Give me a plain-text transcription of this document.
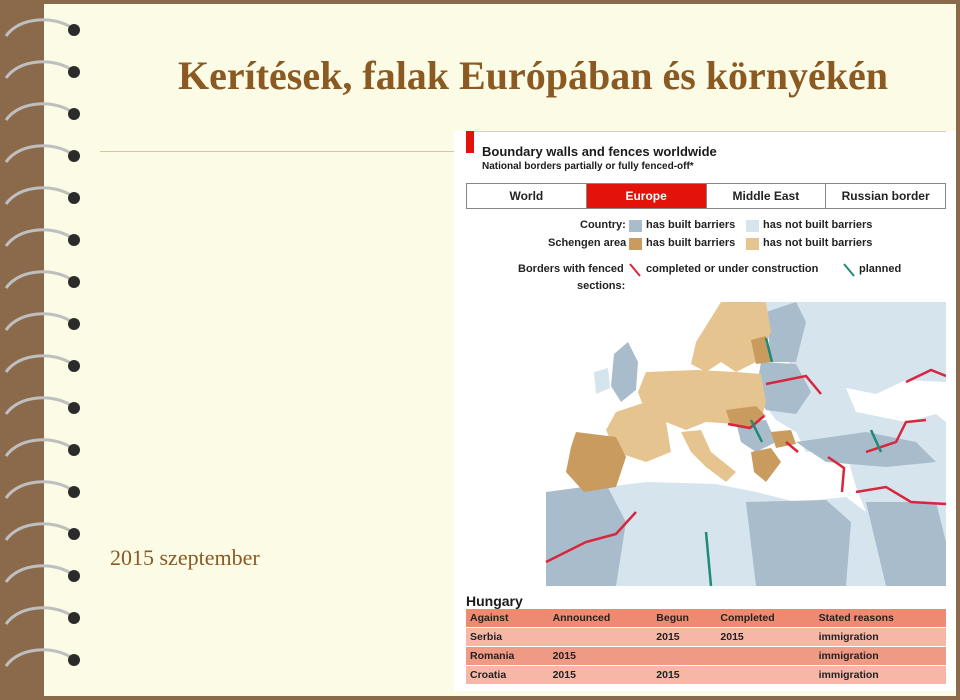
Kerítések, falak Európában és környékén
2015 szeptember
Boundary walls and fences worldwide
National borders partially or fully fenced-off*
World	Europe	Middle East	Russian border
Country:
Schengen area
has built barriers	has not built barriers
has built barriers	has not built barriers
Borders with fenced
sections:
completed or under construction	planned
Hungary
Against	Announced	Begun	Completed	Stated reasons
Serbia		2015	2015	immigration
Romania	2015			immigration
Croatia	2015	2015		immigration
